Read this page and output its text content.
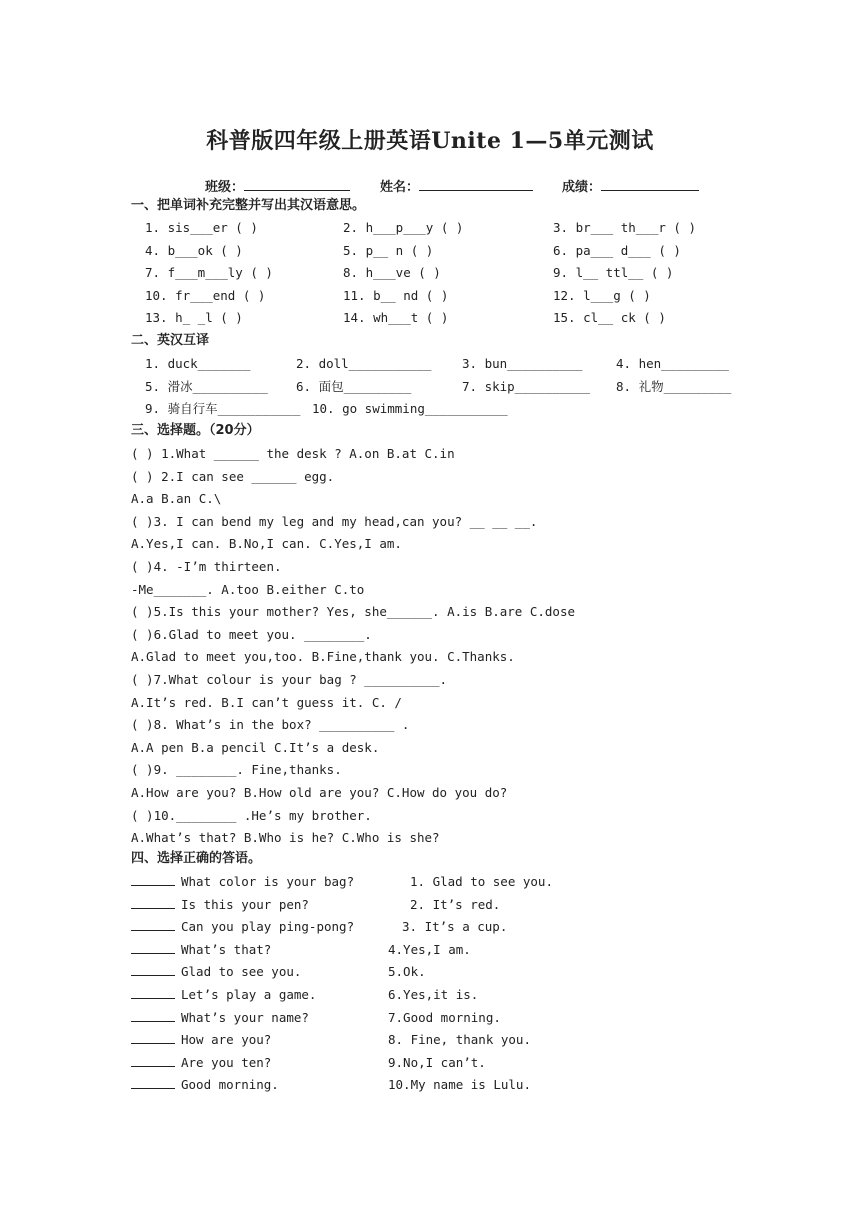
科普版四年级上册英语Unite 1—5单元测试
班级：	姓名：	成绩：
一、把单词补充完整并写出其汉语意思。
1. sis___er ( )	2. h___p___y ( )	3. br___ th___r ( )
4. b___ok ( )	5. p__ n ( )	6. pa___ d___ ( )
7. f___m___ly ( )	8. h___ve ( )	9. l__ ttl__ ( )
10. fr___end ( )	11. b__ nd ( )	12. l___g ( )
13. h_ _l ( )	14. wh___t ( )	15. cl__ ck ( )
二、英汉互译
1. duck_______	2. doll___________ 3. bun__________	4. hen_________
5. 滑冰__________ 6. 面包_________	7. skip__________ 8. 礼物_________
9. 骑自行车___________ 10. go swimming___________
三、选择题。（20分）
( ) 1.What ______ the desk ? A.on B.at C.in
( ) 2.I can see ______ egg.
A.a B.an C.\
( )3. I can bend my leg and my head,can you? __ __ __.
A.Yes,I can. B.No,I can. C.Yes,I am.
( )4. -I’m thirteen.
-Me_______. A.too B.either C.to
( )5.Is this your mother? Yes, she______. A.is B.are C.dose
( )6.Glad to meet you. ________.
A.Glad to meet you,too. B.Fine,thank you. C.Thanks.
( )7.What colour is your bag ? __________.
A.It’s red. B.I can’t guess it. C. /
( )8. What’s in the box? __________ .
A.A pen B.a pencil C.It’s a desk.
( )9. ________. Fine,thanks.
A.How are you? B.How old are you? C.How do you do?
( )10.________ .He’s my brother.
A.What’s that? B.Who is he? C.Who is she?
四、选择正确的答语。
What color is your bag?	1. Glad to see you.
Is this your pen?	2. It’s red.
Can you play ping-pong?	3. It’s a cup.
What’s that?	4.Yes,I am.
Glad to see you.	5.Ok.
Let’s play a game.	6.Yes,it is.
What’s your name?	7.Good morning.
How are you?	8. Fine, thank you.
Are you ten?	9.No,I can’t.
Good morning.	10.My name is Lulu.
